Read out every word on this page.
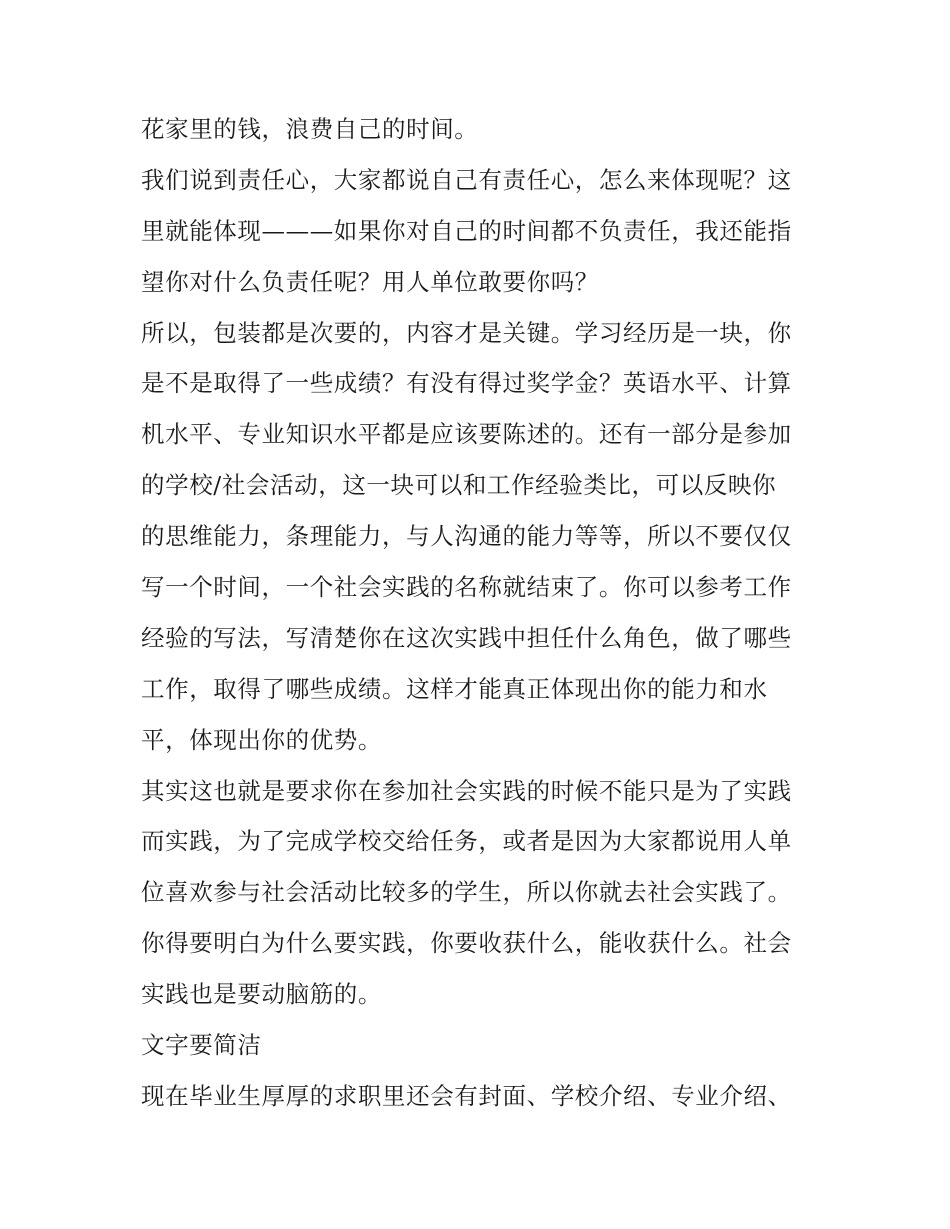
花家里的钱，浪费自己的时间。
我们说到责任心，大家都说自己有责任心，怎么来体现呢？这
里就能体现———如果你对自己的时间都不负责任，我还能指
望你对什么负责任呢？用人单位敢要你吗？
所以，包装都是次要的，内容才是关键。学习经历是一块，你
是不是取得了一些成绩？有没有得过奖学金？英语水平、计算
机水平、专业知识水平都是应该要陈述的。还有一部分是参加
的学校/社会活动，这一块可以和工作经验类比，可以反映你
的思维能力，条理能力，与人沟通的能力等等，所以不要仅仅
写一个时间，一个社会实践的名称就结束了。你可以参考工作
经验的写法，写清楚你在这次实践中担任什么角色，做了哪些
工作，取得了哪些成绩。这样才能真正体现出你的能力和水
平，体现出你的优势。
其实这也就是要求你在参加社会实践的时候不能只是为了实践
而实践，为了完成学校交给任务，或者是因为大家都说用人单
位喜欢参与社会活动比较多的学生，所以你就去社会实践了。
你得要明白为什么要实践，你要收获什么，能收获什么。社会
实践也是要动脑筋的。
文字要简洁
现在毕业生厚厚的求职里还会有封面、学校介绍、专业介绍、
